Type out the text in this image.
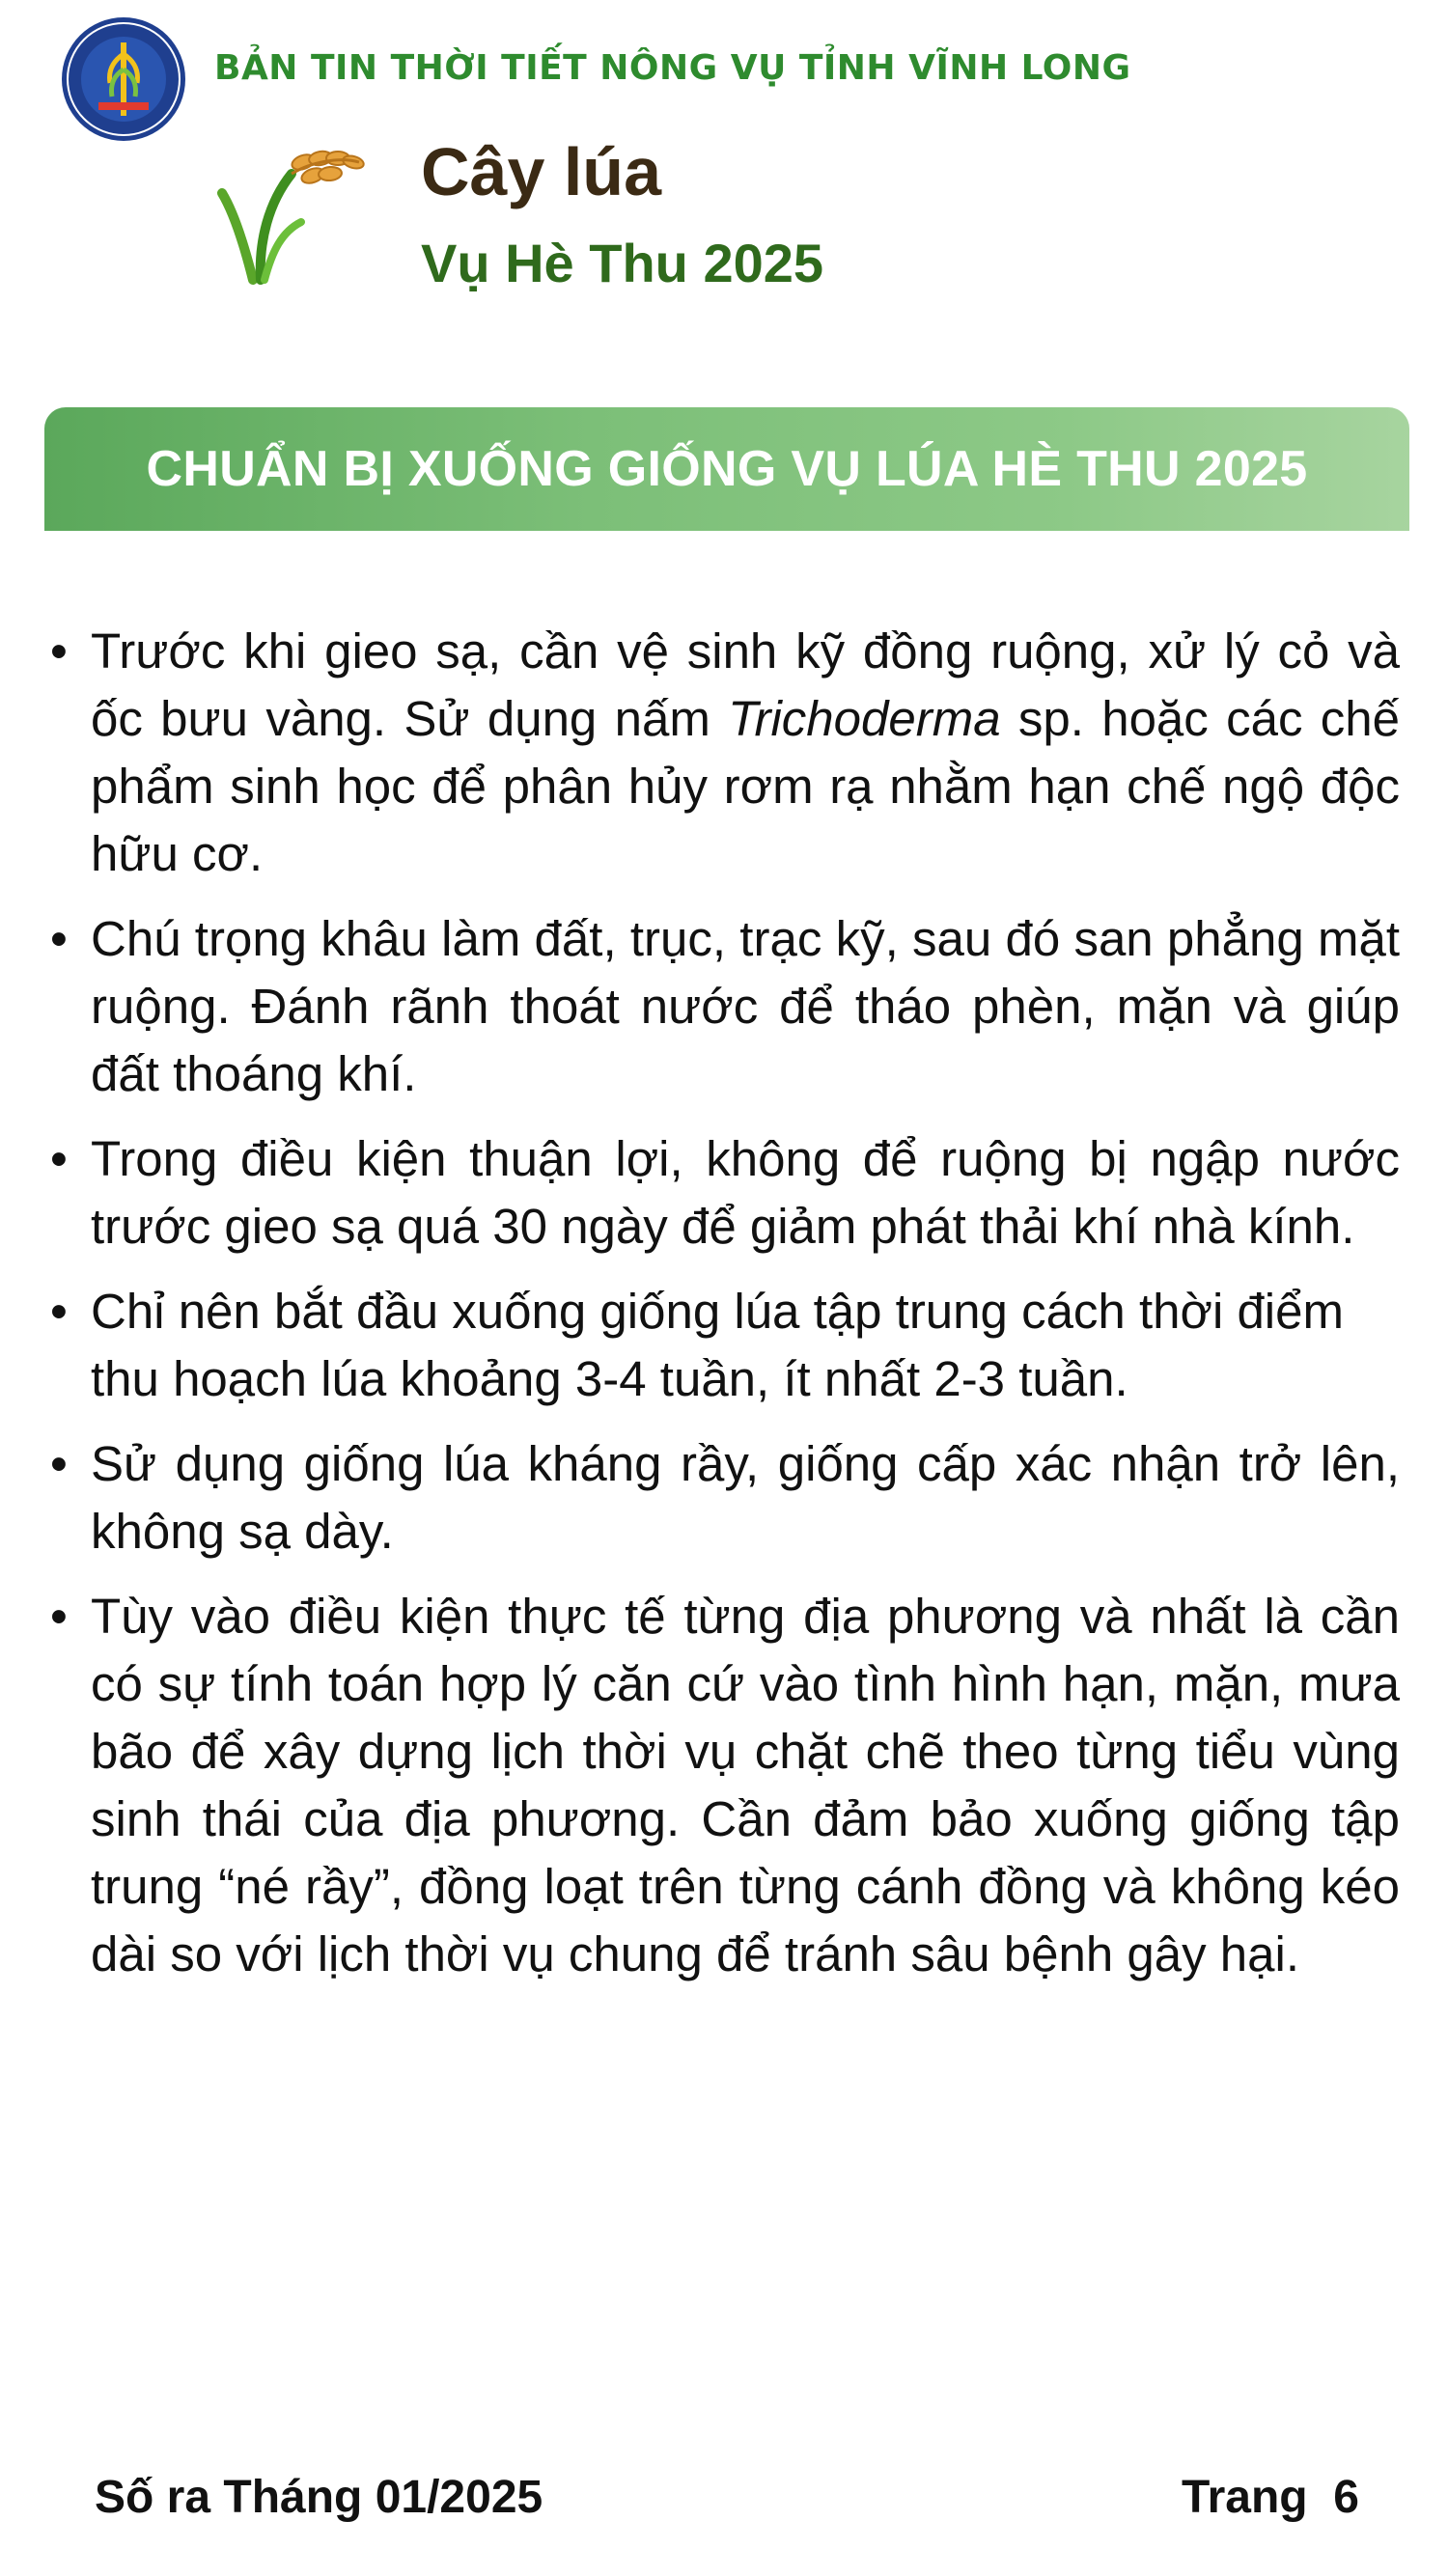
BẢN TIN THỜI TIẾT NÔNG VỤ TỈNH VĨNH LONG
Cây lúa
Vụ Hè Thu 2025
CHUẨN BỊ XUỐNG GIỐNG VỤ LÚA HÈ THU 2025
• Trước khi gieo sạ, cần vệ sinh kỹ đồng ruộng, xử lý cỏ và ốc bưu vàng. Sử dụng nấm Trichoderma sp. hoặc các chế phẩm sinh học để phân hủy rơm rạ nhằm hạn chế ngộ độc hữu cơ.
• Chú trọng khâu làm đất, trục, trạc kỹ, sau đó san phẳng mặt ruộng. Đánh rãnh thoát nước để tháo phèn, mặn và giúp đất thoáng khí.
• Trong điều kiện thuận lợi, không để ruộng bị ngập nước trước gieo sạ quá 30 ngày để giảm phát thải khí nhà kính.
• Chỉ nên bắt đầu xuống giống lúa tập trung cách thời điểm thu hoạch lúa khoảng 3-4 tuần, ít nhất 2-3 tuần.
• Sử dụng giống lúa kháng rầy, giống cấp xác nhận trở lên, không sạ dày.
• Tùy vào điều kiện thực tế từng địa phương và nhất là cần có sự tính toán hợp lý căn cứ vào tình hình hạn, mặn, mưa bão để xây dựng lịch thời vụ chặt chẽ theo từng tiểu vùng sinh thái của địa phương. Cần đảm bảo xuống giống tập trung “né rầy”, đồng loạt trên từng cánh đồng và không kéo dài so với lịch thời vụ chung để tránh sâu bệnh gây hại.
Số ra Tháng 01/2025	Trang  6
